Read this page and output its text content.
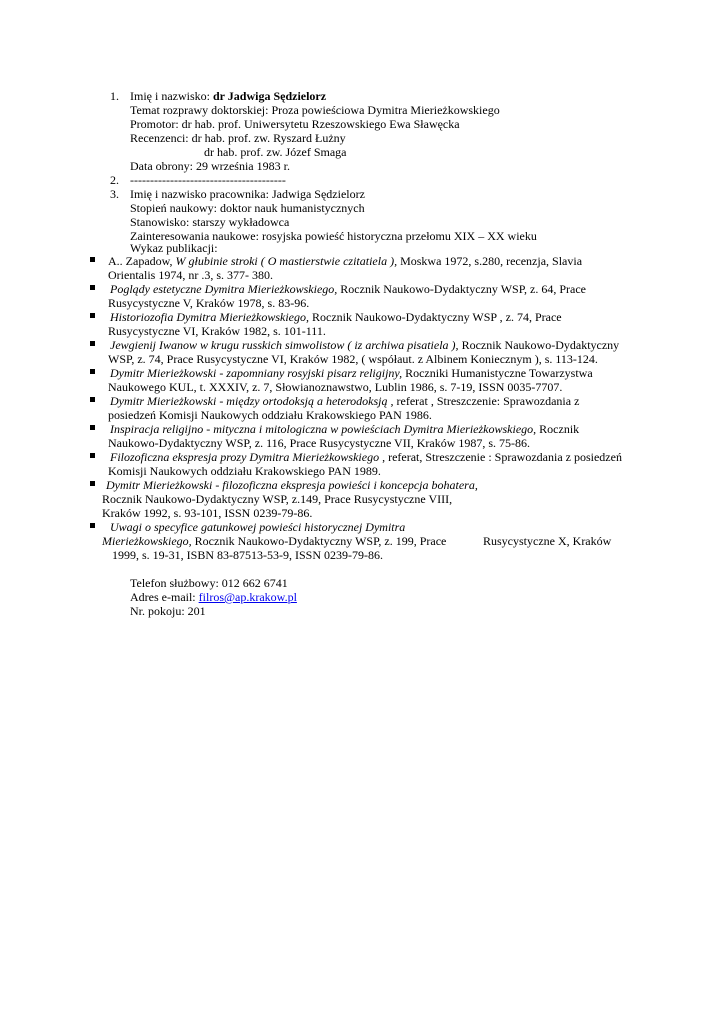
1. Imię i nazwisko: dr Jadwiga Sędzielorz
Temat rozprawy doktorskiej: Proza powieściowa Dymitra Mierieżkowskiego
Promotor: dr hab. prof. Uniwersytetu Rzeszowskiego Ewa Sławęcka
Recenzenci: dr hab. prof. zw. Ryszard Łużny
dr hab. prof. zw. Józef Smaga
Data obrony: 29 września 1983 r.
2. ---------------------------------------
3. Imię i nazwisko pracownika: Jadwiga Sędzielorz
Stopień naukowy: doktor nauk humanistycznych
Stanowisko: starszy wykładowca
Zainteresowania naukowe: rosyjska powieść historyczna przełomu XIX – XX wieku
Wykaz publikacji:
A.. Zapadow, W głubinie stroki ( O mastierstwie czitatiela ), Moskwa 1972, s.280, recenzja, Slavia
Orientalis 1974, nr .3, s. 377- 380.
Poglądy estetyczne Dymitra Mierieżkowskiego, Rocznik Naukowo-Dydaktyczny WSP, z. 64, Prace
Rusycystyczne V, Kraków 1978, s. 83-96.
Historiozofia Dymitra Mierieżkowskiego, Rocznik Naukowo-Dydaktyczny WSP , z. 74, Prace
Rusycystyczne VI, Kraków 1982, s. 101-111.
Jewgienij Iwanow w krugu russkich simwolistow ( iz archiwa pisatiela ), Rocznik Naukowo-Dydaktyczny
WSP, z. 74, Prace Rusycystyczne VI, Kraków 1982, ( współaut. z Albinem Koniecznym ), s. 113-124.
Dymitr Mierieżkowski - zapomniany rosyjski pisarz religijny, Roczniki Humanistyczne Towarzystwa
Naukowego KUL, t. XXXIV, z. 7, Słowianoznawstwo, Lublin 1986, s. 7-19, ISSN 0035-7707.
Dymitr Mierieżkowski - między ortodoksją a heterodoksją , referat , Streszczenie: Sprawozdania z
posiedzeń Komisji Naukowych oddziału Krakowskiego PAN 1986.
Inspiracja religijno - mityczna i mitologiczna w powieściach Dymitra Mierieżkowskiego, Rocznik
Naukowo-Dydaktyczny WSP, z. 116, Prace Rusycystyczne VII, Kraków 1987, s. 75-86.
Filozoficzna ekspresja prozy Dymitra Mierieżkowskiego , referat, Streszczenie : Sprawozdania z posiedzeń
Komisji Naukowych oddziału Krakowskiego PAN 1989.
Dymitr Mierieżkowski - filozoficzna ekspresja powieści i koncepcja bohatera,
Rocznik Naukowo-Dydaktyczny WSP, z.149, Prace Rusycystyczne VIII,
Kraków 1992, s. 93-101, ISSN 0239-79-86.
Uwagi o specyfice gatunkowej powieści historycznej Dymitra
Mierieżkowskiego, Rocznik Naukowo-Dydaktyczny WSP, z. 199, Prace	Rusycystyczne X, Kraków
1999, s. 19-31, ISBN 83-87513-53-9, ISSN 0239-79-86.
Telefon służbowy: 012 662 6741
Adres e-mail: filros@ap.krakow.pl
Nr. pokoju: 201
